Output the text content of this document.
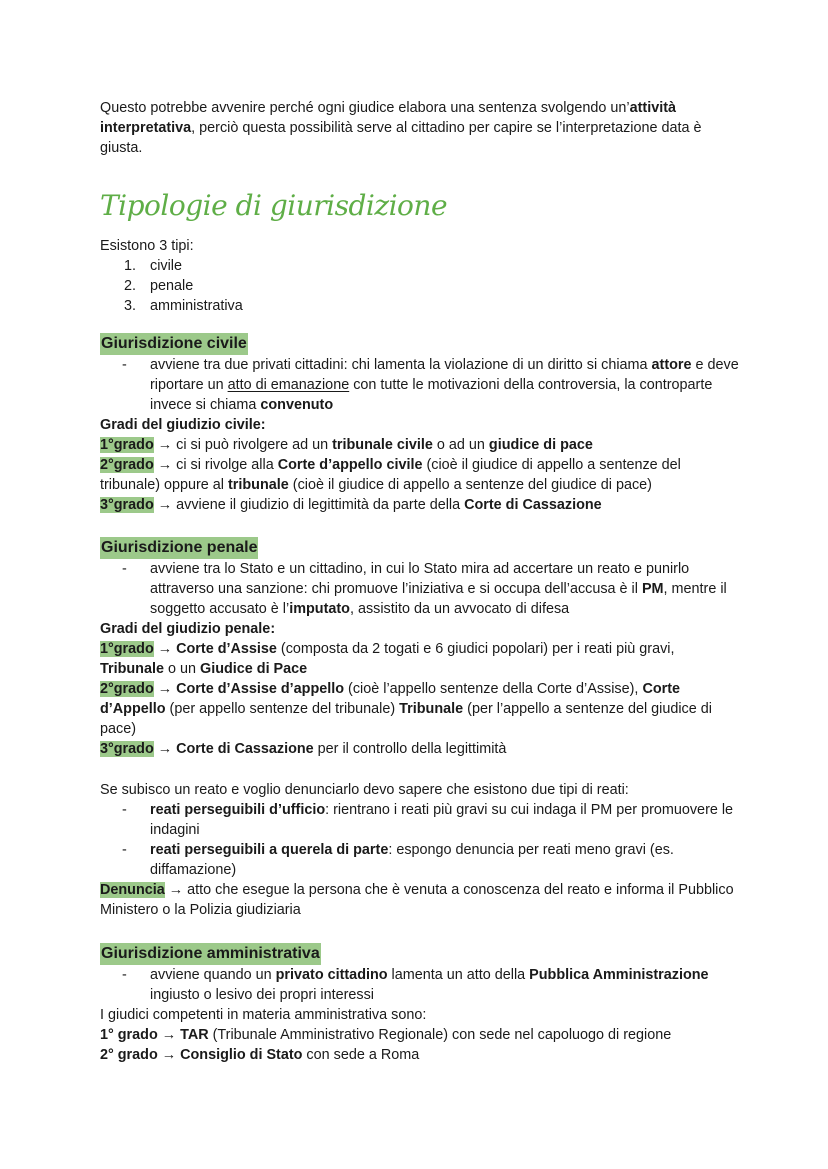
Questo potrebbe avvenire perché ogni giudice elabora una sentenza svolgendo un’attività interpretativa, perciò questa possibilità serve al cittadino per capire se l’interpretazione data è giusta.

Tipologie di giurisdizione

Esistono 3 tipi:

1. civile
2. penale
3. amministrativa
Giurisdizione civile
- avviene tra due privati cittadini: chi lamenta la violazione di un diritto si chiama attore e deve riportare un atto di emanazione con tutte le motivazioni della controversia, la controparte invece si chiama convenuto

Gradi del giudizio civile:

1°grado → ci si può rivolgere ad un tribunale civile o ad un giudice di pace

2°grado → ci si rivolge alla Corte d’appello civile (cioè il giudice di appello a sentenze del tribunale) oppure al tribunale (cioè il giudice di appello a sentenze del giudice di pace)

3°grado → avviene il giudizio di legittimità da parte della Corte di Cassazione

Giurisdizione penale
- avviene tra lo Stato e un cittadino, in cui lo Stato mira ad accertare un reato e punirlo attraverso una sanzione: chi promuove l’iniziativa e si occupa dell’accusa è il PM, mentre il soggetto accusato è l’imputato, assistito da un avvocato di difesa

Gradi del giudizio penale:

1°grado → Corte d’Assise (composta da 2 togati e 6 giudici popolari) per i reati più gravi, Tribunale o un Giudice di Pace

2°grado → Corte d’Assise d’appello (cioè l’appello sentenze della Corte d’Assise), Corte d’Appello (per appello sentenze del tribunale) Tribunale (per l’appello a sentenze del giudice di pace)

3°grado → Corte di Cassazione per il controllo della legittimità

Se subisco un reato e voglio denunciarlo devo sapere che esistono due tipi di reati:

- reati perseguibili d’ufficio: rientrano i reati più gravi su cui indaga il PM per promuovere le indagini
- reati perseguibili a querela di parte: espongo denuncia per reati meno gravi (es. diffamazione)

Denuncia → atto che esegue la persona che è venuta a conoscenza del reato e informa il Pubblico Ministero o la Polizia giudiziaria

Giurisdizione amministrativa
- avviene quando un privato cittadino lamenta un atto della Pubblica Amministrazione ingiusto o lesivo dei propri interessi

I giudici competenti in materia amministrativa sono:

1° grado → TAR (Tribunale Amministrativo Regionale) con sede nel capoluogo di regione

2° grado → Consiglio di Stato con sede a Roma
